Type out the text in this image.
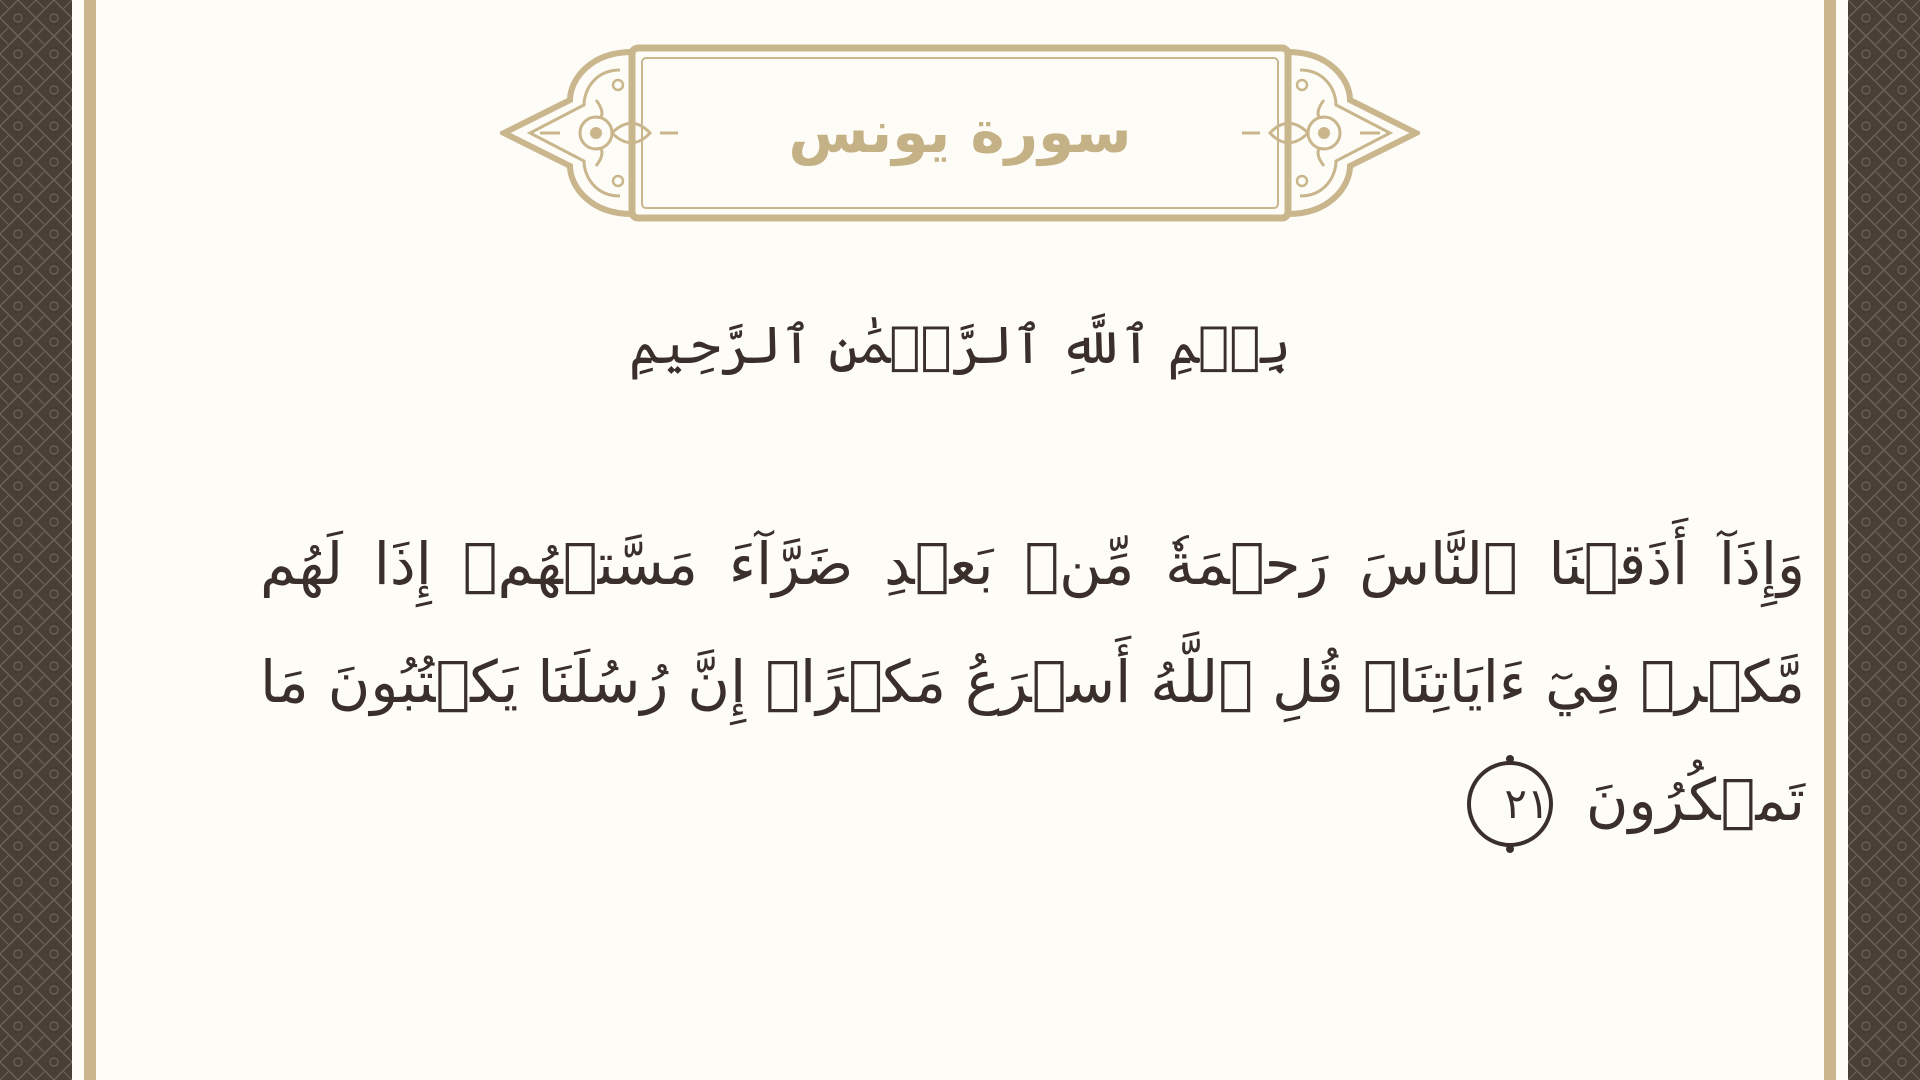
سورة يونس
بِسۡمِ ٱللَّهِ ٱلرَّحۡمَٰنِ ٱلرَّحِيمِ
وَإِذَآ أَذَقۡنَا ٱلنَّاسَ رَحۡمَةٗ مِّنۢ بَعۡدِ ضَرَّآءَ مَسَّتۡهُمۡ إِذَا لَهُم مَّكۡرٞ فِيٓ ءَايَاتِنَاۚ قُلِ ٱللَّهُ أَسۡرَعُ مَكۡرًاۚ إِنَّ رُسُلَنَا يَكۡتُبُونَ مَا تَمۡكُرُونَ ٢١
